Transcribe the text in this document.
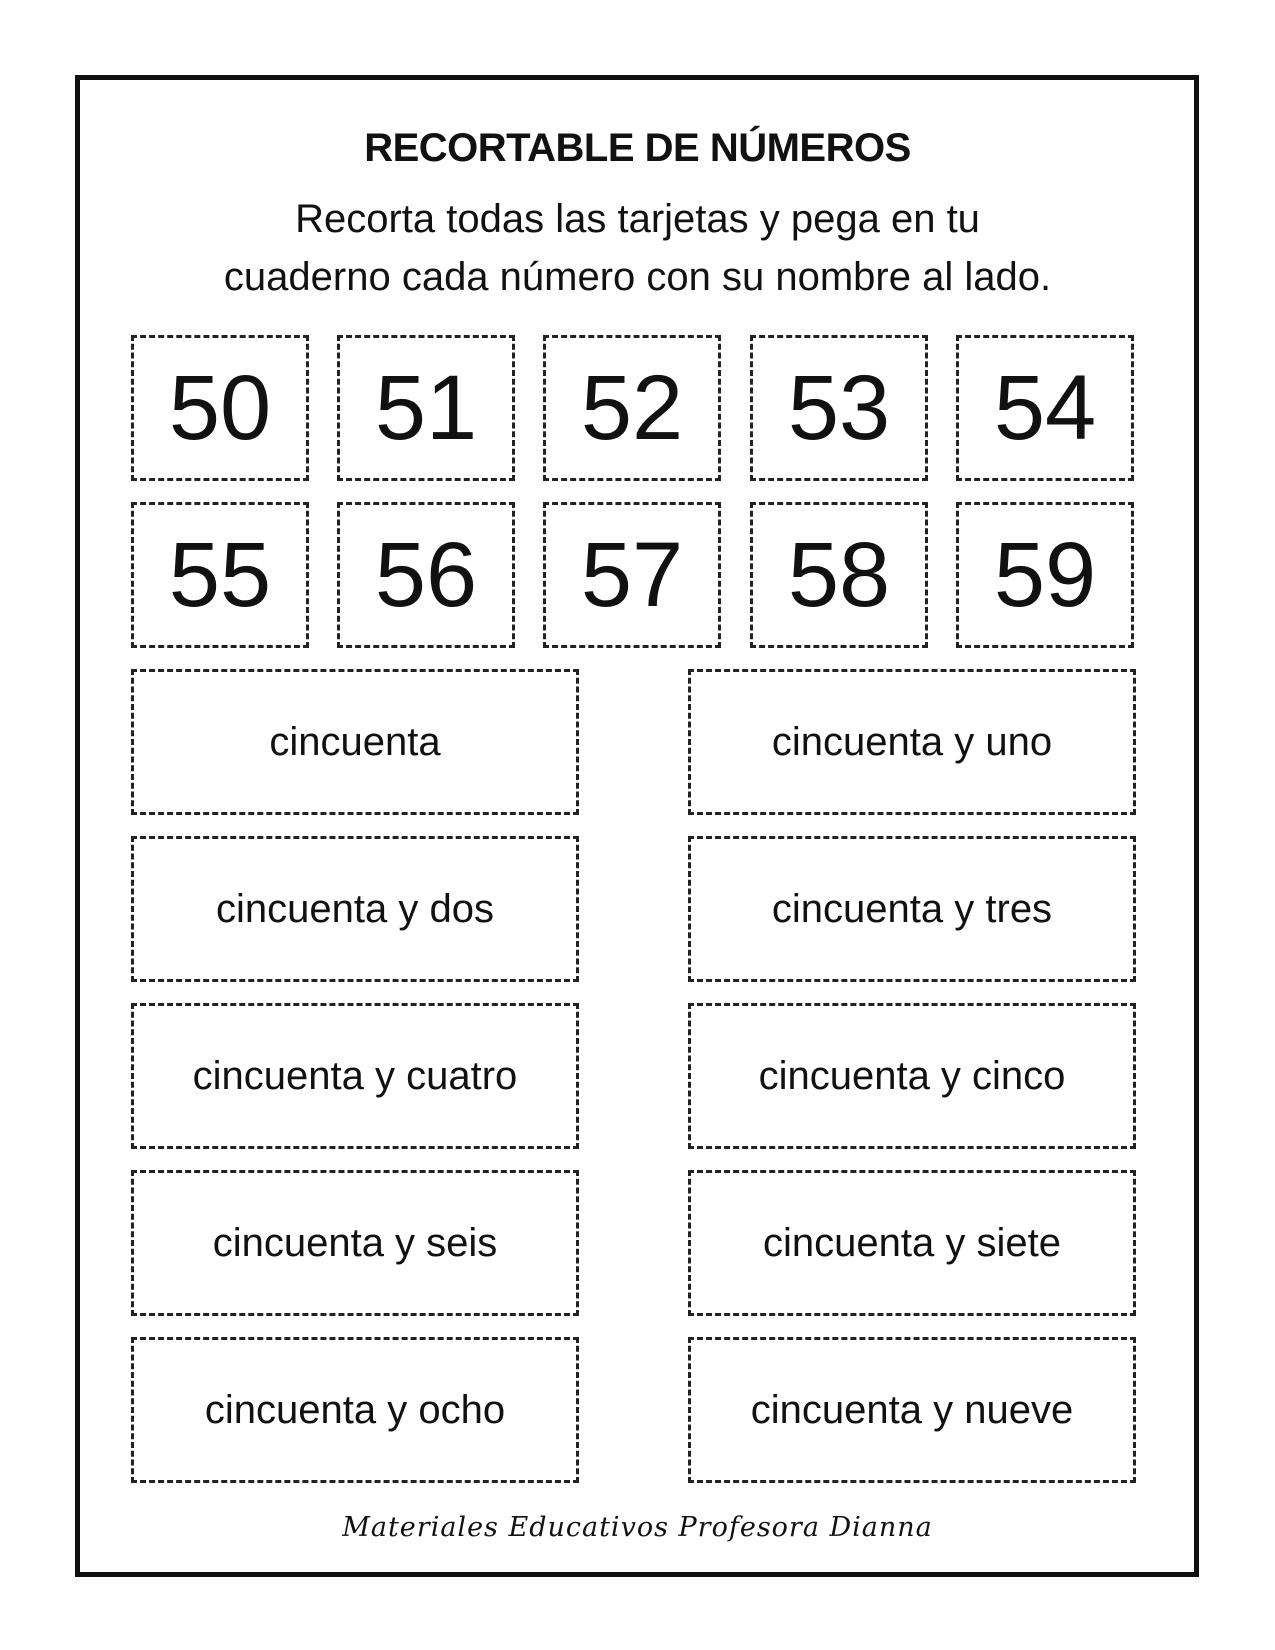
RECORTABLE DE NÚMEROS
Recorta todas las tarjetas y pega en tu
cuaderno cada número con su nombre al lado.
50	51	52	53	54
55	56	57	58	59
cincuenta	cincuenta y uno
cincuenta y dos	cincuenta y tres
cincuenta y cuatro	cincuenta y cinco
cincuenta y seis	cincuenta y siete
cincuenta y ocho	cincuenta y nueve
Materiales Educativos Profesora Dianna
